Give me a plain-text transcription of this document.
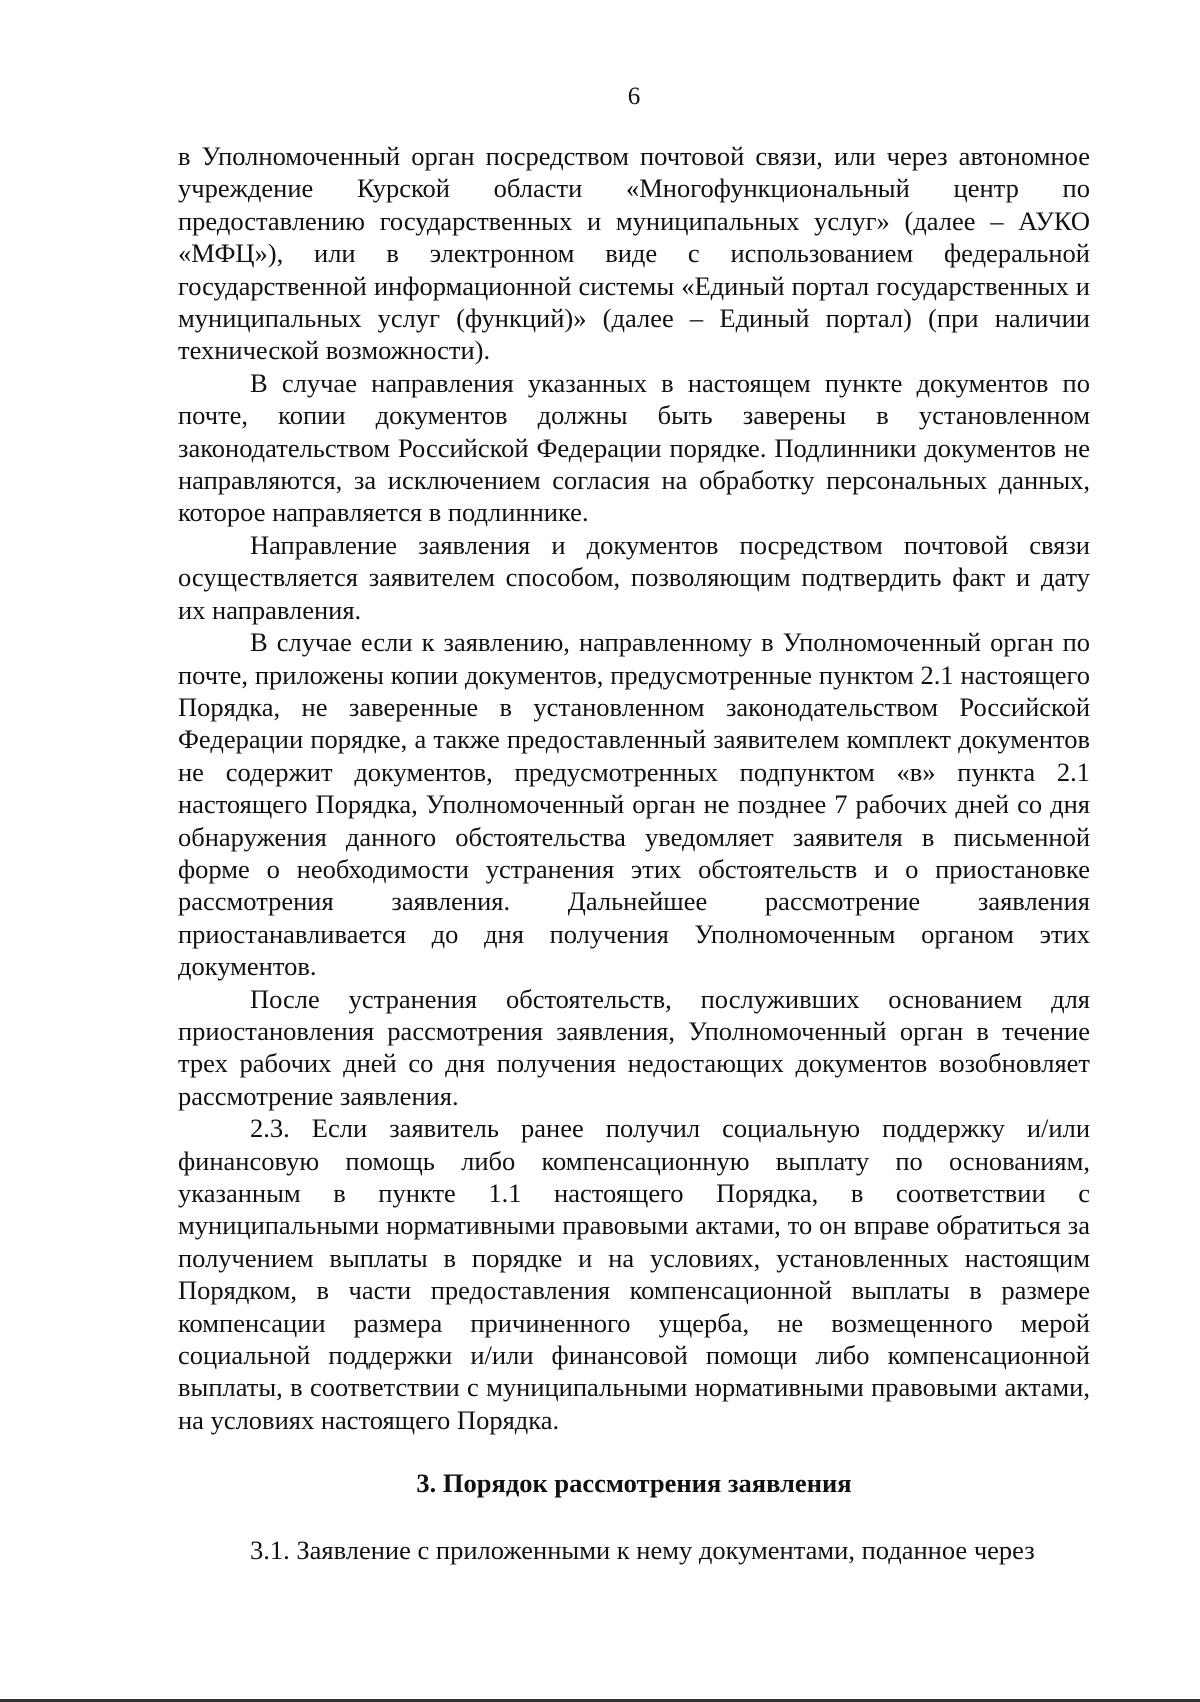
6

в Уполномоченный орган посредством почтовой связи, или через автономное учреждение Курской области «Многофункциональный центр по предоставлению государственных и муниципальных услуг» (далее – АУКО «МФЦ»), или в электронном виде с использованием федеральной государственной информационной системы «Единый портал государственных и муниципальных услуг (функций)» (далее – Единый портал) (при наличии технической возможности).

В случае направления указанных в настоящем пункте документов по почте, копии документов должны быть заверены в установленном законодательством Российской Федерации порядке. Подлинники документов не направляются, за исключением согласия на обработку персональных данных, которое направляется в подлиннике.

Направление заявления и документов посредством почтовой связи осуществляется заявителем способом, позволяющим подтвердить факт и дату их направления.

В случае если к заявлению, направленному в Уполномоченный орган по почте, приложены копии документов, предусмотренные пунктом 2.1 настоящего Порядка, не заверенные в установленном законодательством Российской Федерации порядке, а также предоставленный заявителем комплект документов не содержит документов, предусмотренных подпунктом «в» пункта 2.1 настоящего Порядка, Уполномоченный орган не позднее 7 рабочих дней со дня обнаружения данного обстоятельства уведомляет заявителя в письменной форме о необходимости устранения этих обстоятельств и о приостановке рассмотрения заявления. Дальнейшее рассмотрение заявления приостанавливается до дня получения Уполномоченным органом этих документов.

После устранения обстоятельств, послуживших основанием для приостановления рассмотрения заявления, Уполномоченный орган в течение трех рабочих дней со дня получения недостающих документов возобновляет рассмотрение заявления.

2.3. Если заявитель ранее получил социальную поддержку и/или финансовую помощь либо компенсационную выплату по основаниям, указанным в пункте 1.1 настоящего Порядка, в соответствии с муниципальными нормативными правовыми актами, то он вправе обратиться за получением выплаты в порядке и на условиях, установленных настоящим Порядком, в части предоставления компенсационной выплаты в размере компенсации размера причиненного ущерба, не возмещенного мерой социальной поддержки и/или финансовой помощи либо компенсационной выплаты, в соответствии с муниципальными нормативными правовыми актами, на условиях настоящего Порядка.

3. Порядок рассмотрения заявления

3.1. Заявление с приложенными к нему документами, поданное через
